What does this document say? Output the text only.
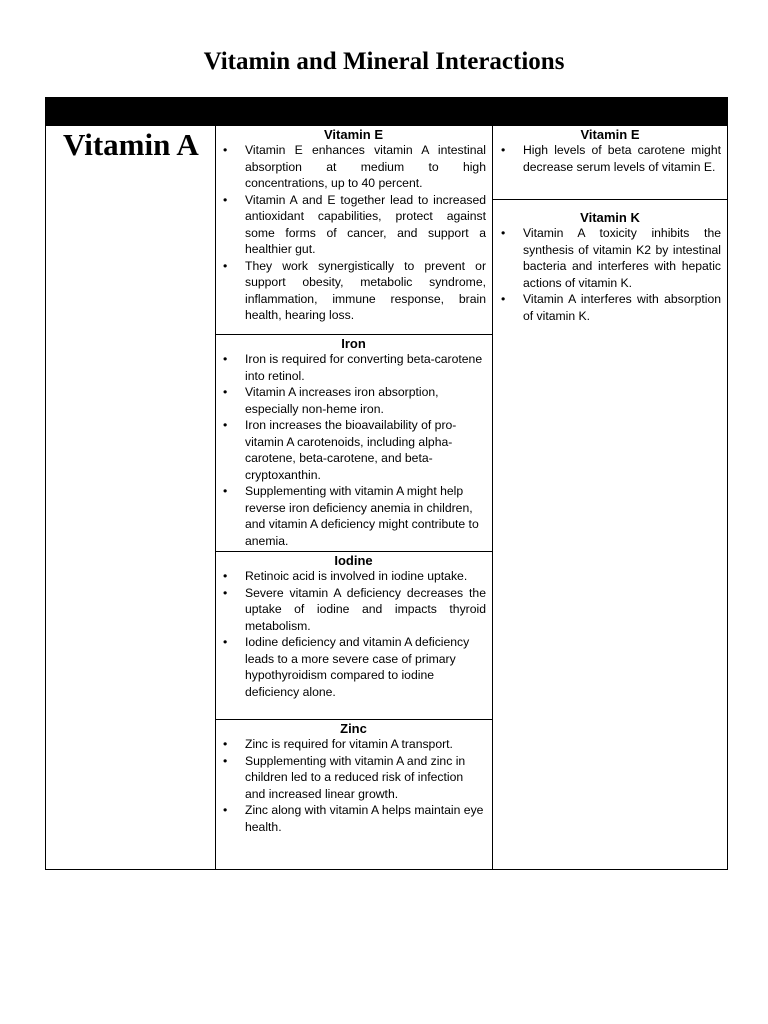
Vitamin and Mineral Interactions
Vitamin A	Vitamin E
• Vitamin E enhances vitamin A intestinal absorption at medium to high concentrations, up to 40 percent.
• Vitamin A and E together lead to increased antioxidant capabilities, protect against some forms of cancer, and support a healthier gut.
• They work synergistically to prevent or support obesity, metabolic syndrome, inflammation, immune response, brain health, hearing loss.
Iron
• Iron is required for converting beta-carotene into retinol.
• Vitamin A increases iron absorption, especially non-heme iron.
• Iron increases the bioavailability of pro-vitamin A carotenoids, including alpha-carotene, beta-carotene, and beta-cryptoxanthin.
• Supplementing with vitamin A might help reverse iron deficiency anemia in children, and vitamin A deficiency might contribute to anemia.
Iodine
• Retinoic acid is involved in iodine uptake.
• Severe vitamin A deficiency decreases the uptake of iodine and impacts thyroid metabolism.
• Iodine deficiency and vitamin A deficiency leads to a more severe case of primary hypothyroidism compared to iodine deficiency alone.
Zinc
• Zinc is required for vitamin A transport.
• Supplementing with vitamin A and zinc in children led to a reduced risk of infection and increased linear growth.
• Zinc along with vitamin A helps maintain eye health.
Vitamin E
• High levels of beta carotene might decrease serum levels of vitamin E.
Vitamin K
• Vitamin A toxicity inhibits the synthesis of vitamin K2 by intestinal bacteria and interferes with hepatic actions of vitamin K.
• Vitamin A interferes with absorption of vitamin K.
